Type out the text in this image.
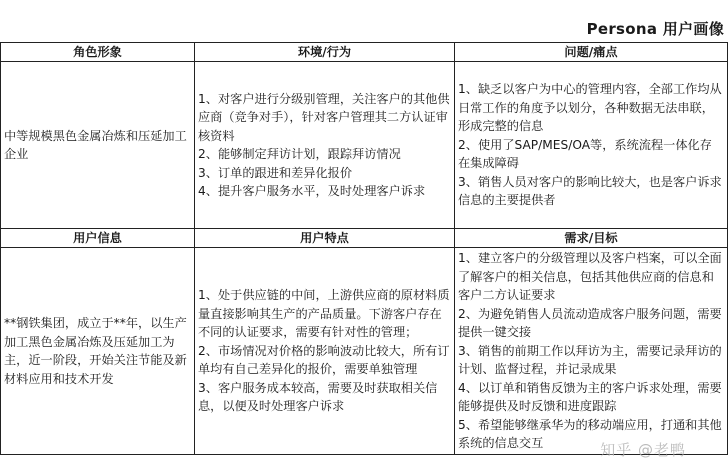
Persona 用户画像
角色形象	环境/行为	问题/痛点

中等规模黑色金属冶炼和压延加工企业	1、对客户进行分级别管理，关注客户的其他供应商（竞争对手），针对客户管理其二方认证审核资料
2、能够制定拜访计划，跟踪拜访情况
3、订单的跟进和差异化报价
4、提升客户服务水平，及时处理客户诉求	1、缺乏以客户为中心的管理内容，全部工作均从日常工作的角度予以划分，各种数据无法串联，形成完整的信息
2、使用了SAP/MES/OA等，系统流程一体化存在集成障碍
3、销售人员对客户的影响比较大，也是客户诉求信息的主要提供者

用户信息	用户特点	需求/目标

**钢铁集团，成立于**年，以生产加工黑色金属冶炼及压延加工为主，近一阶段，开始关注节能及新材料应用和技术开发	1、处于供应链的中间，上游供应商的原材料质量直接影响其生产的产品质量。下游客户存在不同的认证要求，需要有针对性的管理；
2、市场情况对价格的影响波动比较大，所有订单均有自己差异化的报价，需要单独管理
3、客户服务成本较高，需要及时获取相关信息，以便及时处理客户诉求	1、建立客户的分级管理以及客户档案，可以全面了解客户的相关信息，包括其他供应商的信息和客户二方认证要求
2、为避免销售人员流动造成客户服务问题，需要提供一键交接
3、销售的前期工作以拜访为主，需要记录拜访的计划、监督过程，并记录成果
4、以订单和销售反馈为主的客户诉求处理，需要能够提供及时反馈和进度跟踪
5、希望能够继承华为的移动端应用，打通和其他系统的信息交互	知乎 @老鸭
